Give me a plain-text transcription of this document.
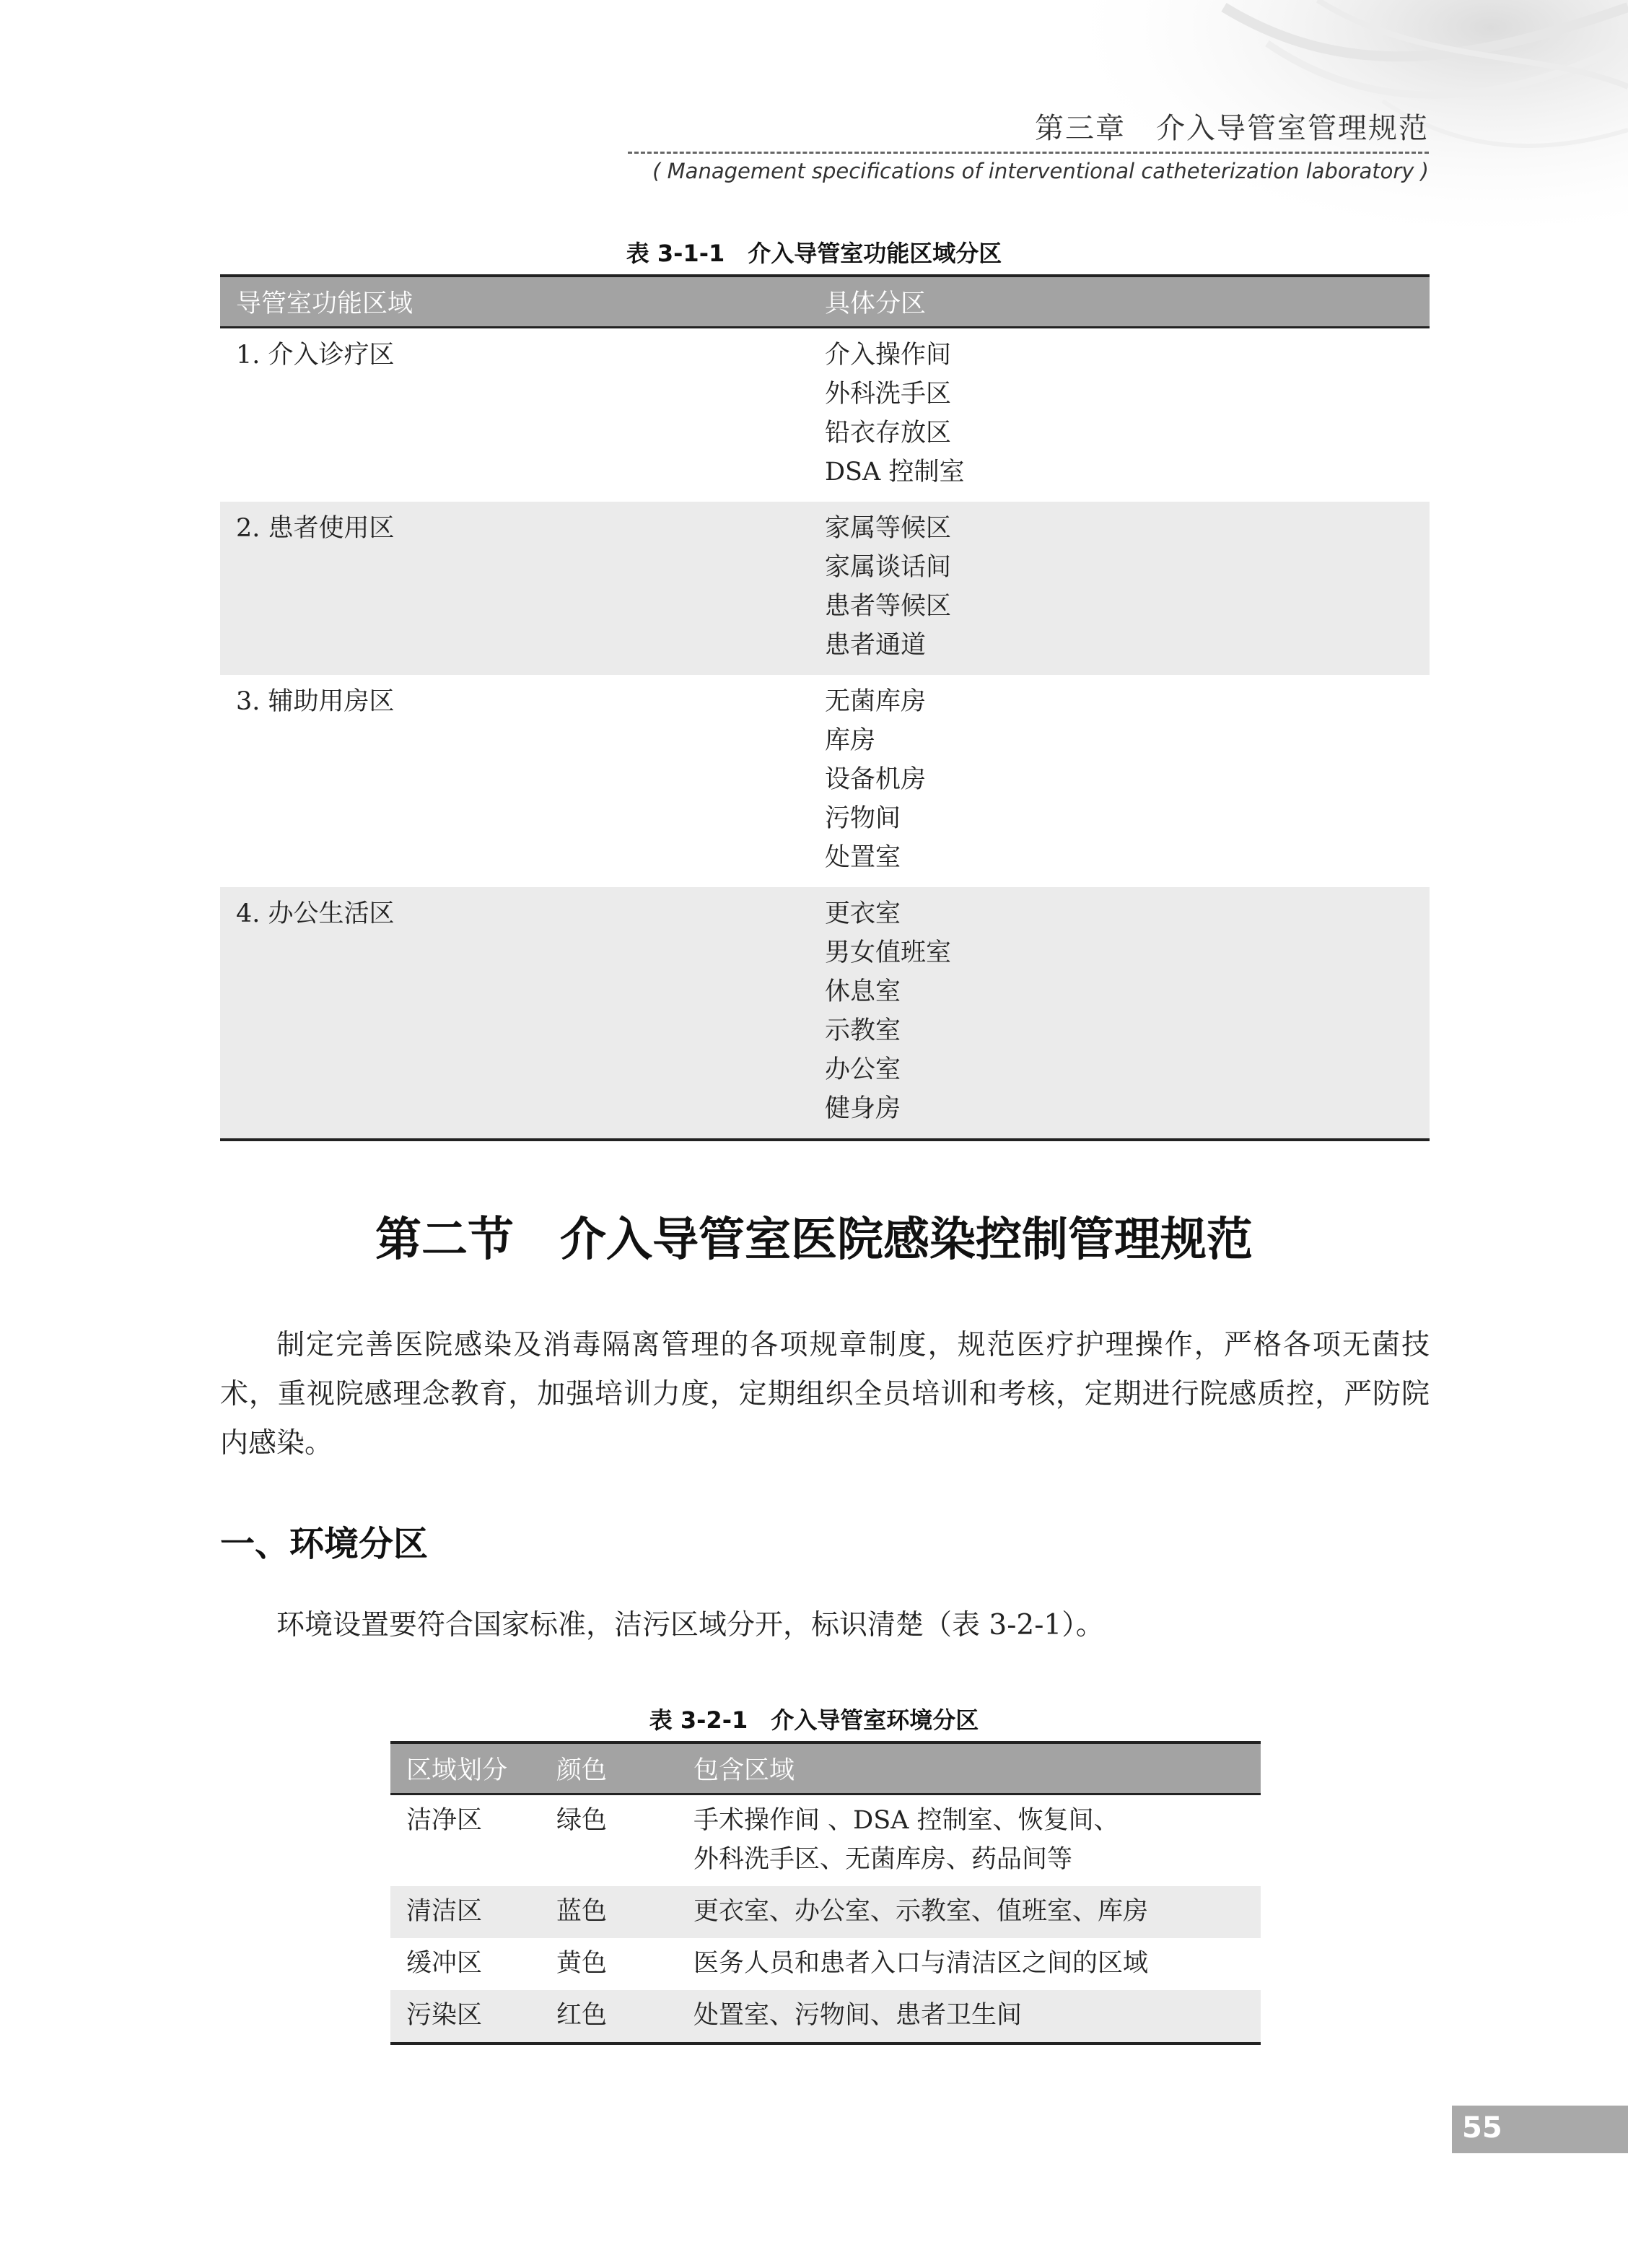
第三章　介入导管室管理规范
( Management specifications of interventional catheterization laboratory )
表 3-1-1　介入导管室功能区域分区
导管室功能区域	具体分区
1. 介入诊疗区	介入操作间
外科洗手区
铅衣存放区
DSA 控制室
2. 患者使用区	家属等候区
家属谈话间
患者等候区
患者通道
3. 辅助用房区	无菌库房
库房
设备机房
污物间
处置室
4. 办公生活区	更衣室
男女值班室
休息室
示教室
办公室
健身房
第二节　介入导管室医院感染控制管理规范

制定完善医院感染及消毒隔离管理的各项规章制度，规范医疗护理操作，严格各项无菌技术，重视院感理念教育，加强培训力度，定期组织全员培训和考核，定期进行院感质控，严防院内感染。

一、环境分区

环境设置要符合国家标准，洁污区域分开，标识清楚（表 3-2-1）。

表 3-2-1　介入导管室环境分区
区域划分	颜色	包含区域
洁净区	绿色	手术操作间 、DSA 控制室、恢复间、
外科洗手区、无菌库房、药品间等
清洁区	蓝色	更衣室、办公室、示教室、值班室、库房
缓冲区	黄色	医务人员和患者入口与清洁区之间的区域
污染区	红色	处置室、污物间、患者卫生间
55
